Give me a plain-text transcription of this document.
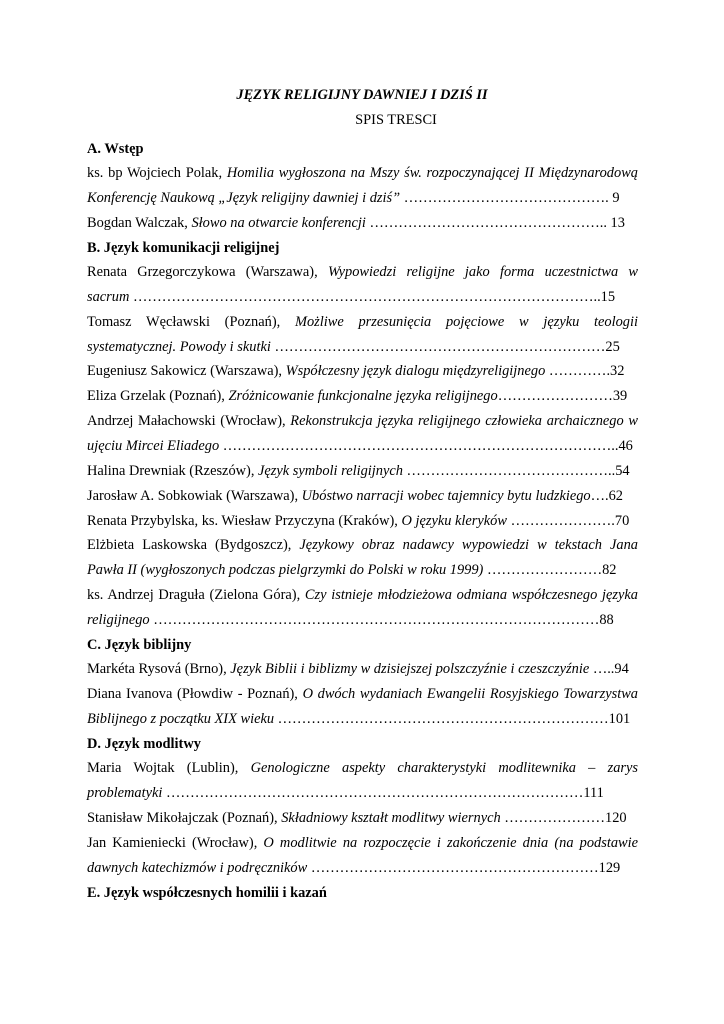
JĘZYK RELIGIJNY DAWNIEJ I DZIŚ II
SPIS TRESCI
A. Wstęp
ks. bp Wojciech Polak, Homilia wygłoszona na Mszy św. rozpoczynającej II Międzynarodową
Konferencję Naukową „Język religijny dawniej i dziś” ……………………………………. 9
Bogdan Walczak, Słowo na otwarcie konferencji ………………………………………….. 13
B. Język komunikacji religijnej
Renata Grzegorczykowa (Warszawa), Wypowiedzi religijne jako forma uczestnictwa w
sacrum ……………………………………………………………………………………..15
Tomasz Węcławski (Poznań), Możliwe przesunięcia pojęciowe w języku teologii
systematycznej. Powody i skutki ……………………………………………………………25
Eugeniusz Sakowicz (Warszawa), Współczesny język dialogu międzyreligijnego ………….32
Eliza Grzelak (Poznań), Zróżnicowanie funkcjonalne języka religijnego……………………39
Andrzej Małachowski (Wrocław), Rekonstrukcja języka religijnego człowieka archaicznego w
ujęciu Mircei Eliadego ………………………………………………………………………..46
Halina Drewniak (Rzeszów), Język symboli religijnych ……………………………………..54
Jarosław A. Sobkowiak (Warszawa), Ubóstwo narracji wobec tajemnicy bytu ludzkiego….62
Renata Przybylska, ks. Wiesław Przyczyna (Kraków), O języku kleryków ………………….70
Elżbieta Laskowska (Bydgoszcz), Językowy obraz nadawcy wypowiedzi w tekstach Jana
Pawła II (wygłoszonych podczas pielgrzymki do Polski w roku 1999) ……………………82
ks. Andrzej Draguła (Zielona Góra), Czy istnieje młodzieżowa odmiana współczesnego języka
religijnego …………………………………………………………………………………88
C. Język biblijny
Markéta Rysová (Brno), Język Biblii i biblizmy w dzisiejszej polszczyźnie i czeszczyźnie …..94
Diana Ivanova (Płowdiw - Poznań), O dwóch wydaniach Ewangelii Rosyjskiego Towarzystwa
Biblijnego z początku XIX wieku ……………………………………………………………101
D. Język modlitwy
Maria Wojtak (Lublin), Genologiczne aspekty charakterystyki modlitewnika – zarys
problematyki ……………………………………………………………………………111
Stanisław Mikołajczak (Poznań), Składniowy kształt modlitwy wiernych …………………120
Jan Kamieniecki (Wrocław), O modlitwie na rozpoczęcie i zakończenie dnia (na podstawie
dawnych katechizmów i podręczników ……………………………………………………129
E. Język współczesnych homilii i kazań
